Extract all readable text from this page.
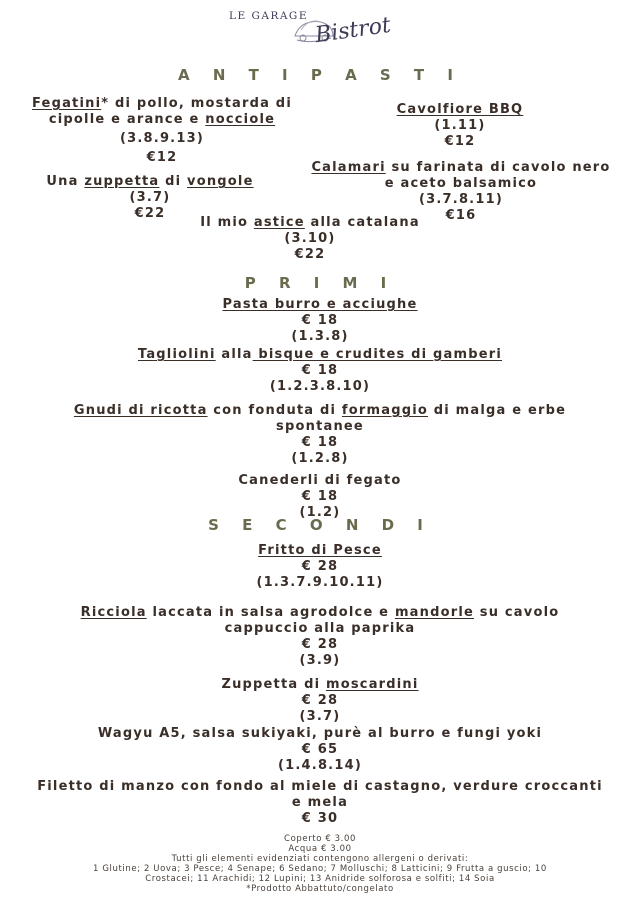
LE GARAGE Bistrot
A N T I P A S T I
Fegatini* di pollo, mostarda di
cipolle e arance e nocciole
(3.8.9.13)
€12
Una zuppetta di vongole
(3.7)
€22
Cavolfiore BBQ
(1.11)
€12
Calamari su farinata di cavolo nero
e aceto balsamico
(3.7.8.11)
€16
Il mio astice alla catalana
(3.10)
€22
P R I M I
Pasta burro e acciughe
€ 18
(1.3.8)
Tagliolini alla bisque e crudites di gamberi
€ 18
(1.2.3.8.10)
Gnudi di ricotta con fonduta di formaggio di malga e erbe
spontanee
€ 18
(1.2.8)
Canederli di fegato
€ 18
(1.2)
S E C O N D I
Fritto di Pesce
€ 28
(1.3.7.9.10.11)
Ricciola laccata in salsa agrodolce e mandorle su cavolo
cappuccio alla paprika
€ 28
(3.9)
Zuppetta di moscardini
€ 28
(3.7)
Wagyu A5, salsa sukiyaki, purè al burro e fungi yoki
€ 65
(1.4.8.14)
Filetto di manzo con fondo al miele di castagno, verdure croccanti
e mela
€ 30
Coperto € 3.00
Acqua € 3.00
Tutti gli elementi evidenziati contengono allergeni o derivati:
1 Glutine; 2 Uova; 3 Pesce; 4 Senape; 6 Sedano; 7 Molluschi; 8 Latticini; 9 Frutta a guscio; 10
Crostacei; 11 Arachidi; 12 Lupini; 13 Anidride solforosa e solfiti; 14 Soia
*Prodotto Abbattuto/congelato
